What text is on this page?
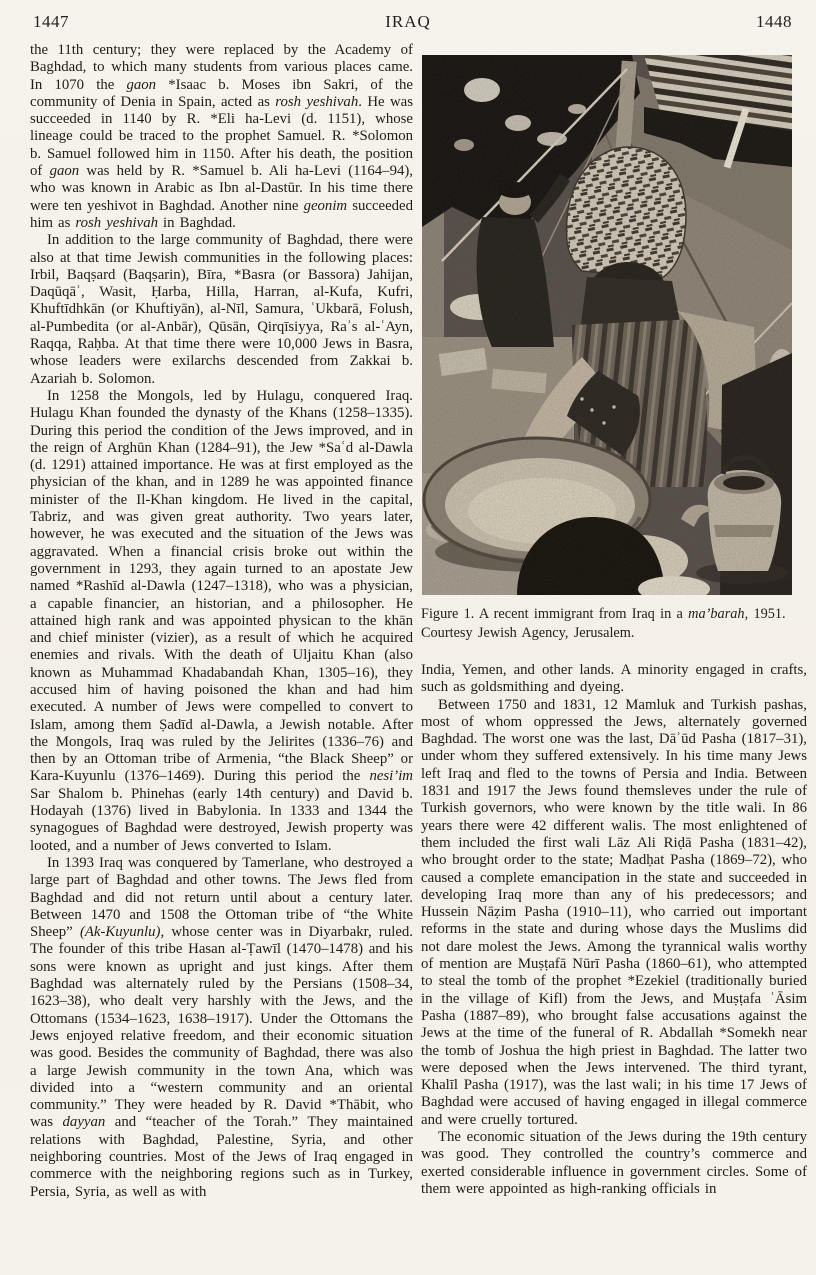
1447	IRAQ	1448

the 11th century; they were replaced by the Academy of Baghdad, to which many students from various places came. In 1070 the gaon *Isaac b. Moses ibn Sakri, of the community of Denia in Spain, acted as rosh yeshivah. He was succeeded in 1140 by R. *Eli ha-Levi (d. 1151), whose lineage could be traced to the prophet Samuel. R. *Solomon b. Samuel followed him in 1150. After his death, the position of gaon was held by R. *Samuel b. Ali ha-Levi (1164–94), who was known in Arabic as Ibn al-Dastūr. In his time there were ten yeshivot in Baghdad. Another nine geonim succeeded him as rosh yeshivah in Baghdad.

In addition to the large community of Baghdad, there were also at that time Jewish communities in the following places: Irbil, Baqṣard (Baqṣarin), Bīra, *Basra (or Bassora) Jahijan, Daqūqāʾ, Wasit, Ḥarba, Hilla, Harran, al-Kufa, Kufri, Khuftīdhkān (or Khuftiyān), al-Nīl, Samura, ʿUkbarā, Folush, al-Pumbedita (or al-Anbār), Qūsān, Qirqīsiyya, Raʾs al-ʿAyn, Raqqa, Raḥba. At that time there were 10,000 Jews in Basra, whose leaders were exilarchs descended from Zakkai b. Azariah b. Solomon.

In 1258 the Mongols, led by Hulagu, conquered Iraq. Hulagu Khan founded the dynasty of the Khans (1258–1335). During this period the condition of the Jews improved, and in the reign of Arghūn Khan (1284–91), the Jew *Saʿd al-Dawla (d. 1291) attained importance. He was at first employed as the physician of the khan, and in 1289 he was appointed finance minister of the Il-Khan kingdom. He lived in the capital, Tabriz, and was given great authority. Two years later, however, he was executed and the situation of the Jews was aggravated. When a financial crisis broke out within the government in 1293, they again turned to an apostate Jew named *Rashīd al-Dawla (1247–1318), who was a physician, a capable financier, an historian, and a philosopher. He attained high rank and was appointed physican to the khān and chief minister (vizier), as a result of which he acquired enemies and rivals. With the death of Uljaitu Khan (also known as Muhammad Khadabandah Khan, 1305–16), they accused him of having poisoned the khan and had him executed. A number of Jews were compelled to convert to Islam, among them Ṣadīd al-Dawla, a Jewish notable. After the Mongols, Iraq was ruled by the Jelirites (1336–76) and then by an Ottoman tribe of Armenia, “the Black Sheep” or Kara-Kuyunlu (1376–1469). During this period the nesi’im Sar Shalom b. Phinehas (early 14th century) and David b. Hodayah (1376) lived in Babylonia. In 1333 and 1344 the synagogues of Baghdad were destroyed, Jewish property was looted, and a number of Jews converted to Islam.

In 1393 Iraq was conquered by Tamerlane, who destroyed a large part of Baghdad and other towns. The Jews fled from Baghdad and did not return until about a century later. Between 1470 and 1508 the Ottoman tribe of “the White Sheep” (Ak-Kuyunlu), whose center was in Diyarbakr, ruled. The founder of this tribe Hasan al-Ṭawīl (1470–1478) and his sons were known as upright and just kings. After them Baghdad was alternately ruled by the Persians (1508–34, 1623–38), who dealt very harshly with the Jews, and the Ottomans (1534–1623, 1638–1917). Under the Ottomans the Jews enjoyed relative freedom, and their economic situation was good. Besides the community of Baghdad, there was also a large Jewish community in the town Ana, which was divided into a “western community and an oriental community.” They were headed by R. David *Thābit, who was dayyan and “teacher of the Torah.” They maintained relations with Baghdad, Palestine, Syria, and other neighboring countries. Most of the Jews of Iraq engaged in commerce with the neighboring regions such as in Turkey, Persia, Syria, as well as with

Figure 1. A recent immigrant from Iraq in a ma’barah, 1951. Courtesy Jewish Agency, Jerusalem.

India, Yemen, and other lands. A minority engaged in crafts, such as goldsmithing and dyeing.

Between 1750 and 1831, 12 Mamluk and Turkish pashas, most of whom oppressed the Jews, alternately governed Baghdad. The worst one was the last, Dāʾūd Pasha (1817–31), under whom they suffered extensively. In his time many Jews left Iraq and fled to the towns of Persia and India. Between 1831 and 1917 the Jews found themsleves under the rule of Turkish governors, who were known by the title wali. In 86 years there were 42 different walis. The most enlightened of them included the first wali Lāz Ali Riḍā Pasha (1831–42), who brought order to the state; Madḥat Pasha (1869–72), who caused a complete emancipation in the state and succeeded in developing Iraq more than any of his predecessors; and Hussein Nāẓim Pasha (1910–11), who carried out important reforms in the state and during whose days the Muslims did not dare molest the Jews. Among the tyrannical walis worthy of mention are Muṣṭafā Nūrī Pasha (1860–61), who attempted to steal the tomb of the prophet *Ezekiel (traditionally buried in the village of Kifl) from the Jews, and Muṣṭafa ʿĀsim Pasha (1887–89), who brought false accusations against the Jews at the time of the funeral of R. Abdallah *Somekh near the tomb of Joshua the high priest in Baghdad. The latter two were deposed when the Jews intervened. The third tyrant, Khalīl Pasha (1917), was the last wali; in his time 17 Jews of Baghdad were accused of having engaged in illegal commerce and were cruelly tortured.

The economic situation of the Jews during the 19th century was good. They controlled the country’s commerce and exerted considerable influence in government circles. Some of them were appointed as high-ranking officials in
